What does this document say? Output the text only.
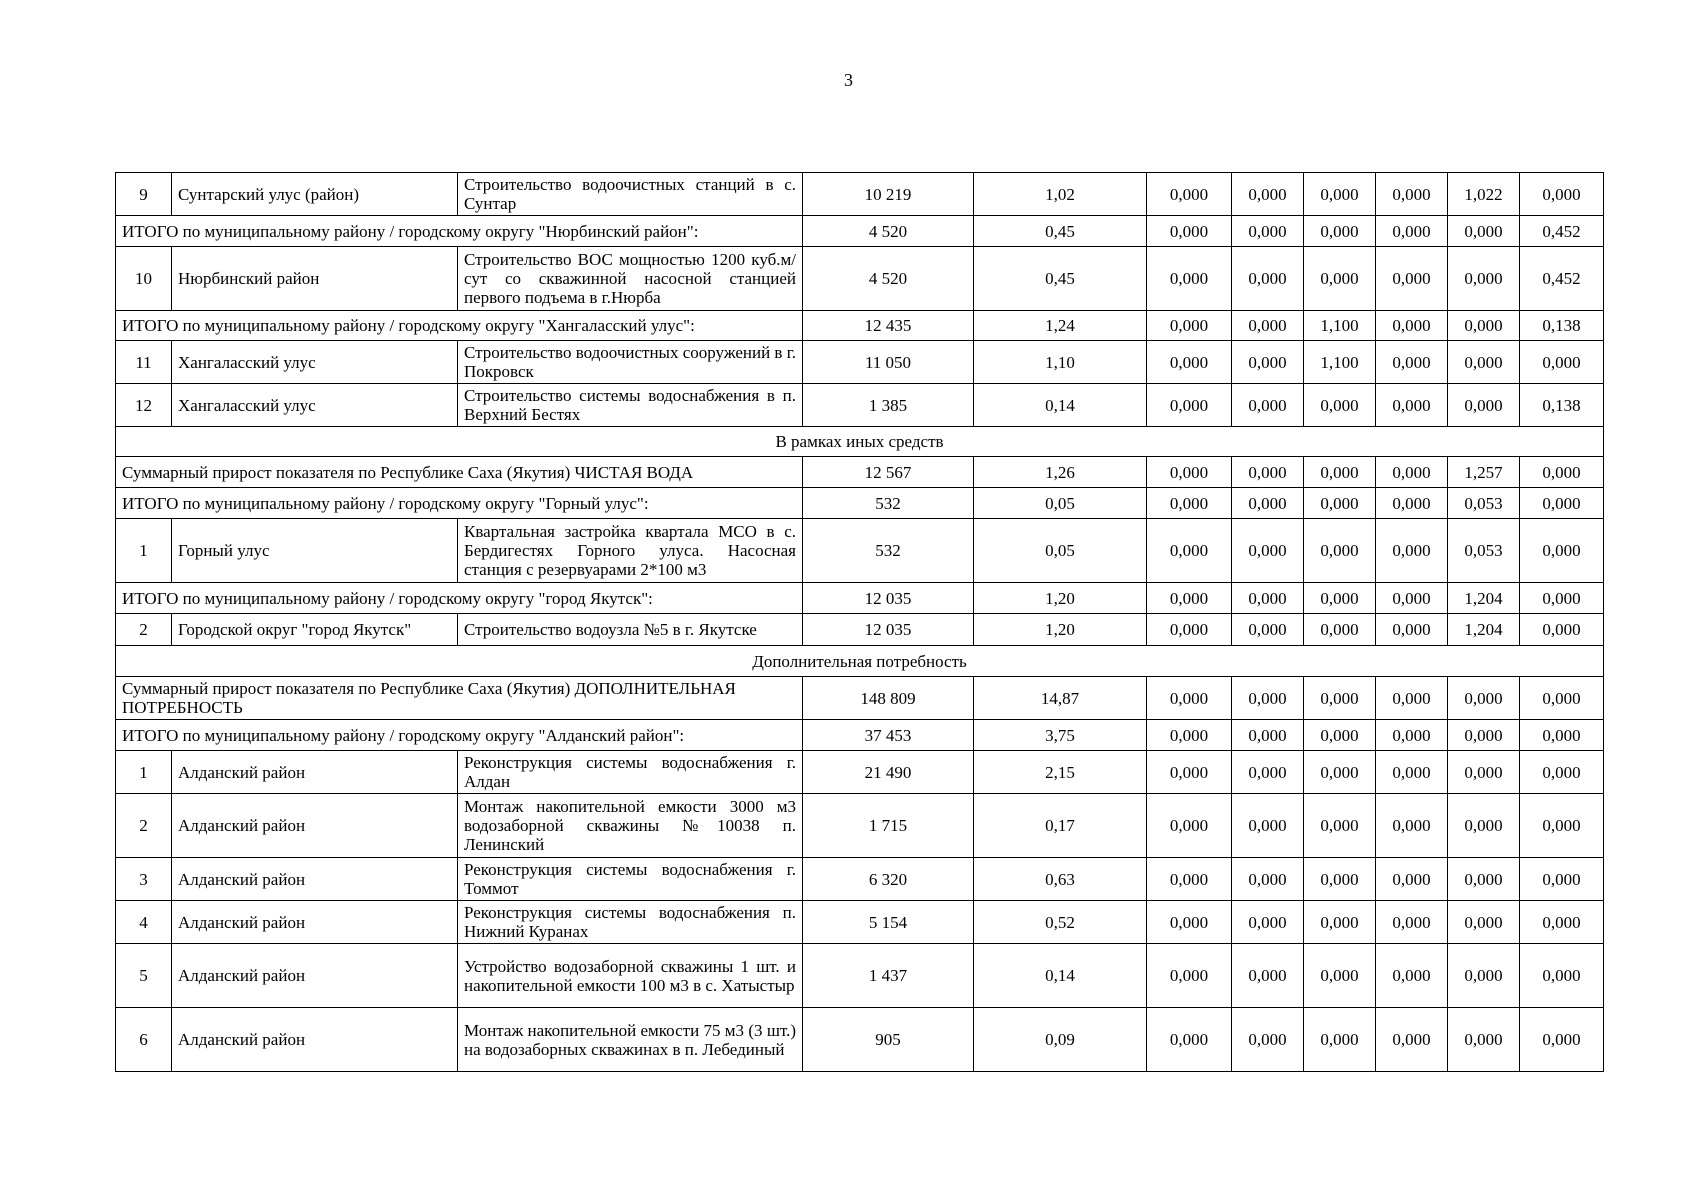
3
9	Сунтарский улус (район)	Строительство водоочистных станций в с. Сунтар	10 219	1,02	0,000	0,000	0,000	0,000	1,022	0,000
ИТОГО по муниципальному району / городскому округу "Нюрбинский район":			4 520	0,45	0,000	0,000	0,000	0,000	0,000	0,452
10	Нюрбинский район	Строительство ВОС мощностью 1200 куб.м/сут со скважинной насосной станцией первого подъема в г.Нюрба	4 520	0,45	0,000	0,000	0,000	0,000	0,000	0,452
ИТОГО по муниципальному району / городскому округу "Хангаласский улус":			12 435	1,24	0,000	0,000	1,100	0,000	0,000	0,138
11	Хангаласский улус	Строительство водоочистных сооружений в г. Покровск	11 050	1,10	0,000	0,000	1,100	0,000	0,000	0,000
12	Хангаласский улус	Строительство системы водоснабжения в п. Верхний Бестях	1 385	0,14	0,000	0,000	0,000	0,000	0,000	0,138
В рамках иных средств										
Суммарный прирост показателя по Республике Саха (Якутия) ЧИСТАЯ ВОДА			12 567	1,26	0,000	0,000	0,000	0,000	1,257	0,000
ИТОГО по муниципальному району / городскому округу "Горный улус":			532	0,05	0,000	0,000	0,000	0,000	0,053	0,000
1	Горный улус	Квартальная застройка квартала МСО в с. Бердигестях Горного улуса. Насосная станция с резервуарами 2*100 м3	532	0,05	0,000	0,000	0,000	0,000	0,053	0,000
ИТОГО по муниципальному району / городскому округу "город Якутск":			12 035	1,20	0,000	0,000	0,000	0,000	1,204	0,000
2	Городской округ "город Якутск"	Строительство водоузла №5 в г. Якутске	12 035	1,20	0,000	0,000	0,000	0,000	1,204	0,000
Дополнительная потребность										
Суммарный прирост показателя по Республике Саха (Якутия) ДОПОЛНИТЕЛЬНАЯ ПОТРЕБНОСТЬ			148 809	14,87	0,000	0,000	0,000	0,000	0,000	0,000
ИТОГО по муниципальному району / городскому округу "Алданский район":			37 453	3,75	0,000	0,000	0,000	0,000	0,000	0,000
1	Алданский район	Реконструкция системы водоснабжения г. Алдан	21 490	2,15	0,000	0,000	0,000	0,000	0,000	0,000
2	Алданский район	Монтаж накопительной емкости 3000 м3 водозаборной скважины №10038 п. Ленинский	1 715	0,17	0,000	0,000	0,000	0,000	0,000	0,000
3	Алданский район	Реконструкция системы водоснабжения г. Томмот	6 320	0,63	0,000	0,000	0,000	0,000	0,000	0,000
4	Алданский район	Реконструкция системы водоснабжения п. Нижний Куранах	5 154	0,52	0,000	0,000	0,000	0,000	0,000	0,000
5	Алданский район	Устройство водозаборной скважины 1 шт. и накопительной емкости 100 м3 в с. Хатыстыр	1 437	0,14	0,000	0,000	0,000	0,000	0,000	0,000
6	Алданский район	Монтаж накопительной емкости 75 м3 (3 шт.) на водозаборных скважинах в п. Лебединый	905	0,09	0,000	0,000	0,000	0,000	0,000	0,000
